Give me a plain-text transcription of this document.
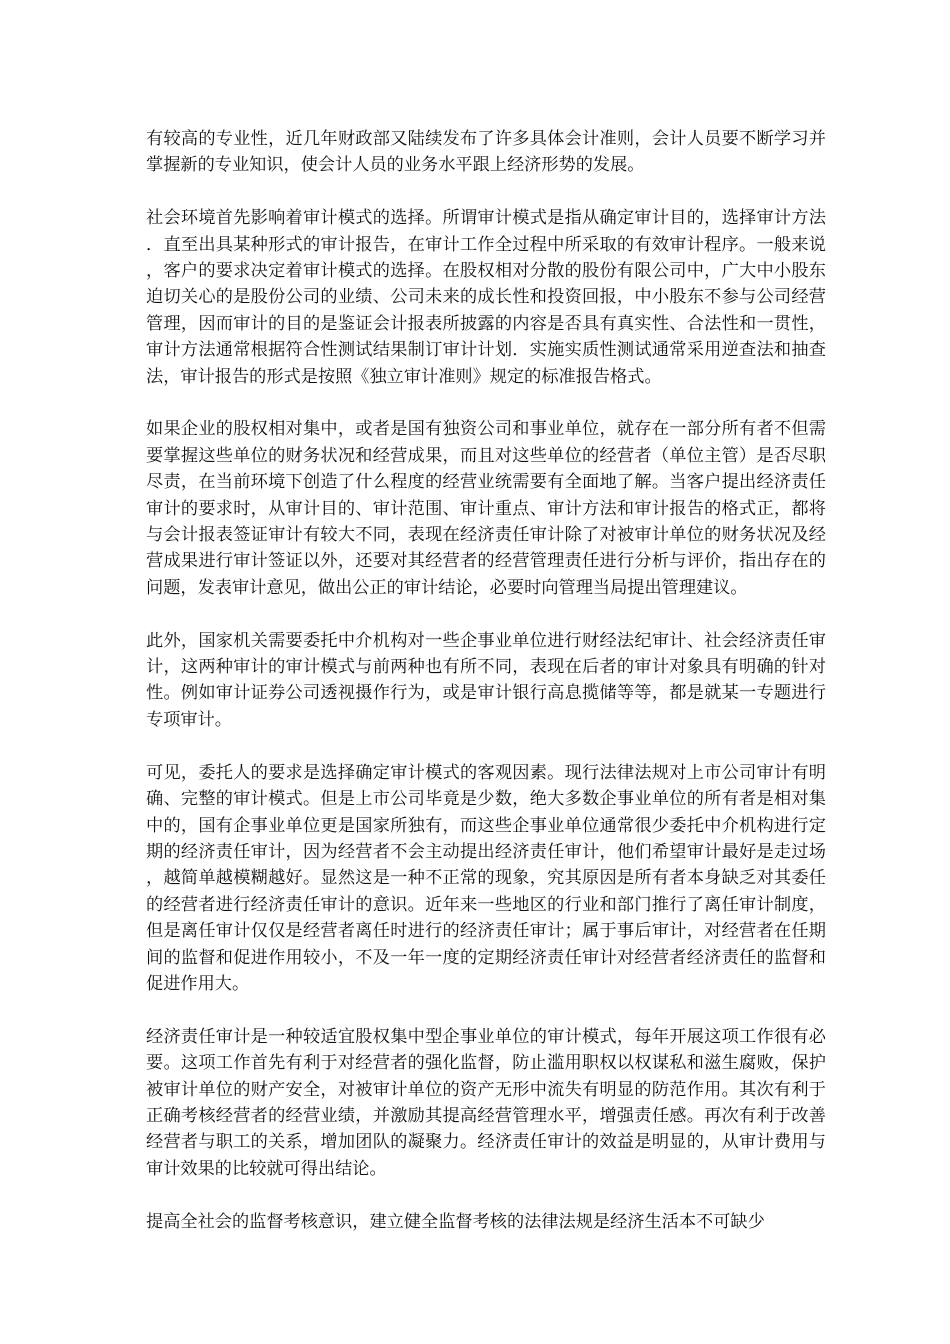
有较高的专业性，近几年财政部又陆续发布了许多具体会计准则，会计人员要不断学习并掌握新的专业知识，使会计人员的业务水平跟上经济形势的发展。

社会环境首先影响着审计模式的选择。所谓审计模式是指从确定审计目的，选择审计方法．直至出具某种形式的审计报告，在审计工作全过程中所采取的有效审计程序。一般来说，客户的要求决定着审计模式的选择。在股权相对分散的股份有限公司中，广大中小股东迫切关心的是股份公司的业绩、公司未来的成长性和投资回报，中小股东不参与公司经营管理，因而审计的目的是鉴证会计报表所披露的内容是否具有真实性、合法性和一贯性，审计方法通常根据符合性测试结果制订审计计划．实施实质性测试通常采用逆查法和抽查法，审计报告的形式是按照《独立审计准则》规定的标准报告格式。

如果企业的股权相对集中，或者是国有独资公司和事业单位，就存在一部分所有者不但需要掌握这些单位的财务状况和经营成果，而且对这些单位的经营者（单位主管）是否尽职尽责，在当前环境下创造了什么程度的经营业统需要有全面地了解。当客户提出经济责任审计的要求时，从审计目的、审计范围、审计重点、审计方法和审计报告的格式正，都将与会计报表签证审计有较大不同，表现在经济责任审计除了对被审计单位的财务状况及经营成果进行审计签证以外，还要对其经营者的经营管理责任进行分析与评价，指出存在的问题，发表审计意见，做出公正的审计结论，必要时向管理当局提出管理建议。

此外，国家机关需要委托中介机构对一些企事业单位进行财经法纪审计、社会经济责任审计，这两种审计的审计模式与前两种也有所不同，表现在后者的审计对象具有明确的针对性。例如审计证券公司透视摄作行为，或是审计银行高息揽储等等，都是就某一专题进行专项审计。

可见，委托人的要求是选择确定审计模式的客观因素。现行法律法规对上市公司审计有明确、完整的审计模式。但是上市公司毕竟是少数，绝大多数企事业单位的所有者是相对集中的，国有企事业单位更是国家所独有，而这些企事业单位通常很少委托中介机构进行定期的经济责任审计，因为经营者不会主动提出经济责任审计，他们希望审计最好是走过场，越简单越模糊越好。显然这是一种不正常的现象，究其原因是所有者本身缺乏对其委任的经营者进行经济责任审计的意识。近年来一些地区的行业和部门推行了离任审计制度，但是离任审计仅仅是经营者离任时进行的经济责任审计；属于事后审计，对经营者在任期间的监督和促进作用较小，不及一年一度的定期经济责任审计对经营者经济责任的监督和促进作用大。

经济责任审计是一种较适宜股权集中型企事业单位的审计模式，每年开展这项工作很有必要。这项工作首先有利于对经营者的强化监督，防止滥用职权以权谋私和滋生腐败，保护被审计单位的财产安全，对被审计单位的资产无形中流失有明显的防范作用。其次有利于正确考核经营者的经营业绩，并激励其提高经营管理水平，增强责任感。再次有利于改善经营者与职工的关系，增加团队的凝聚力。经济责任审计的效益是明显的，从审计费用与审计效果的比较就可得出结论。

提高全社会的监督考核意识，建立健全监督考核的法律法规是经济生活本不可缺少
